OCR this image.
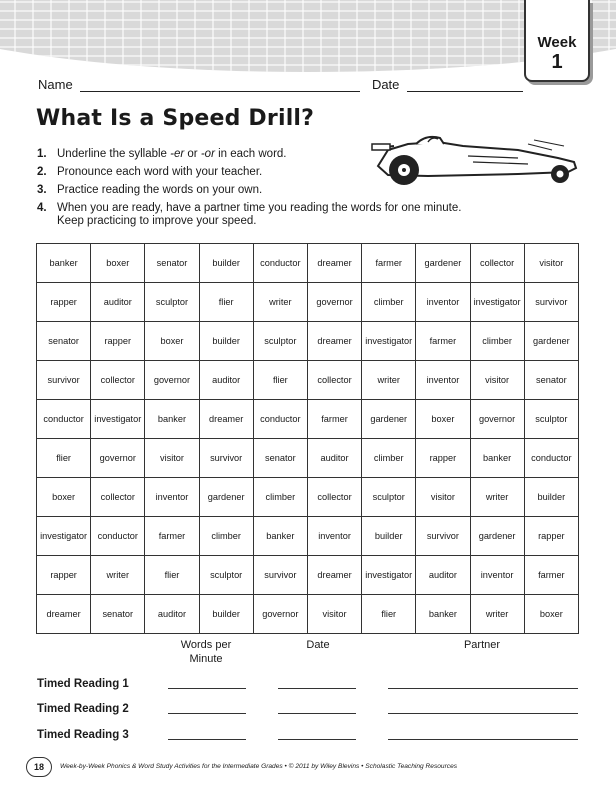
Week
1
Name	Date
What Is a Speed Drill?
1. Underline the syllable -er or -or in each word.
2. Pronounce each word with your teacher.
3. Practice reading the words on your own.
4. When you are ready, have a partner time you reading the words for one minute. Keep practicing to improve your speed.
banker	boxer	senator	builder	conductor	dreamer	farmer	gardener	collector	visitor
rapper	auditor	sculptor	flier	writer	governor	climber	inventor	investigator	survivor
senator	rapper	boxer	builder	sculptor	dreamer	investigator	farmer	climber	gardener
survivor	collector	governor	auditor	flier	collector	writer	inventor	visitor	senator
conductor	investigator	banker	dreamer	conductor	farmer	gardener	boxer	governor	sculptor
flier	governor	visitor	survivor	senator	auditor	climber	rapper	banker	conductor
boxer	collector	inventor	gardener	climber	collector	sculptor	visitor	writer	builder
investigator	conductor	farmer	climber	banker	inventor	builder	survivor	gardener	rapper
rapper	writer	flier	sculptor	survivor	dreamer	investigator	auditor	inventor	farmer
dreamer	senator	auditor	builder	governor	visitor	flier	banker	writer	boxer
Words per
Minute
Date	Partner
Timed Reading 1
Timed Reading 2
Timed Reading 3
18	Week-by-Week Phonics & Word Study Activities for the Intermediate Grades • © 2011 by Wiley Blevins • Scholastic Teaching Resources
